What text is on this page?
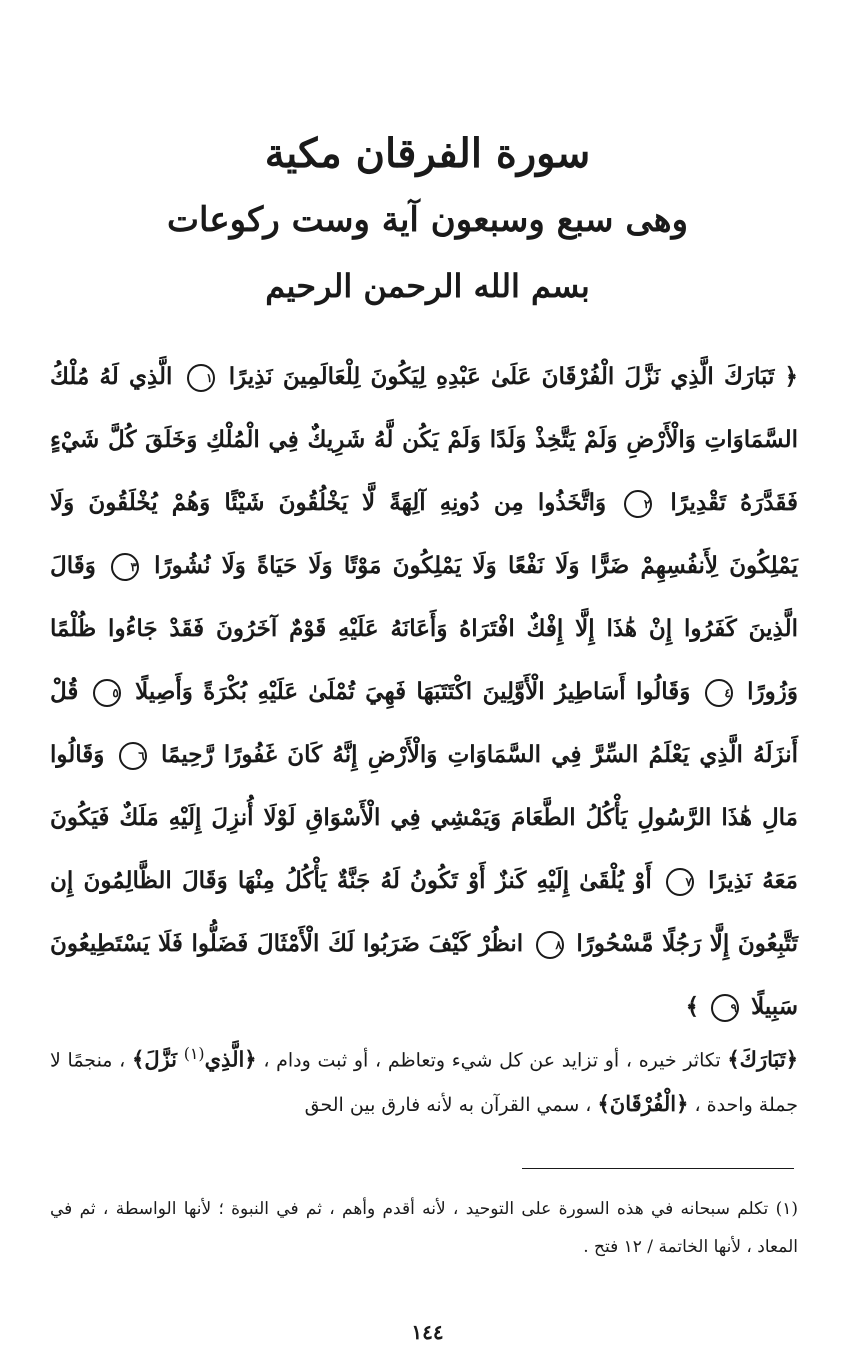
سورة الفرقان مكية
وهى سبع وسبعون آية وست ركوعات
بسم الله الرحمن الرحيم
﴿ تَبَارَكَ الَّذِي نَزَّلَ الْفُرْقَانَ عَلَىٰ عَبْدِهِ لِيَكُونَ لِلْعَالَمِينَ نَذِيرًا ١ الَّذِي لَهُ مُلْكُ السَّمَاوَاتِ وَالْأَرْضِ وَلَمْ يَتَّخِذْ وَلَدًا وَلَمْ يَكُن لَّهُ شَرِيكٌ فِي الْمُلْكِ وَخَلَقَ كُلَّ شَيْءٍ فَقَدَّرَهُ تَقْدِيرًا ٢ وَاتَّخَذُوا مِن دُونِهِ آلِهَةً لَّا يَخْلُقُونَ شَيْئًا وَهُمْ يُخْلَقُونَ وَلَا يَمْلِكُونَ لِأَنفُسِهِمْ ضَرًّا وَلَا نَفْعًا وَلَا يَمْلِكُونَ مَوْتًا وَلَا حَيَاةً وَلَا نُشُورًا ٣ وَقَالَ الَّذِينَ كَفَرُوا إِنْ هَٰذَا إِلَّا إِفْكٌ افْتَرَاهُ وَأَعَانَهُ عَلَيْهِ قَوْمٌ آخَرُونَ فَقَدْ جَاءُوا ظُلْمًا وَزُورًا ٤ وَقَالُوا أَسَاطِيرُ الْأَوَّلِينَ اكْتَتَبَهَا فَهِيَ تُمْلَىٰ عَلَيْهِ بُكْرَةً وَأَصِيلًا ٥ قُلْ أَنزَلَهُ الَّذِي يَعْلَمُ السِّرَّ فِي السَّمَاوَاتِ وَالْأَرْضِ إِنَّهُ كَانَ غَفُورًا رَّحِيمًا ٦ وَقَالُوا مَالِ هَٰذَا الرَّسُولِ يَأْكُلُ الطَّعَامَ وَيَمْشِي فِي الْأَسْوَاقِ لَوْلَا أُنزِلَ إِلَيْهِ مَلَكٌ فَيَكُونَ مَعَهُ نَذِيرًا ٧ أَوْ يُلْقَىٰ إِلَيْهِ كَنزٌ أَوْ تَكُونُ لَهُ جَنَّةٌ يَأْكُلُ مِنْهَا وَقَالَ الظَّالِمُونَ إِن تَتَّبِعُونَ إِلَّا رَجُلًا مَّسْحُورًا ٨ انظُرْ كَيْفَ ضَرَبُوا لَكَ الْأَمْثَالَ فَضَلُّوا فَلَا يَسْتَطِيعُونَ سَبِيلًا ٩ ﴾
﴿تَبَارَكَ﴾ تكاثر خيره ، أو تزايد عن كل شيء وتعاظم ، أو ثبت ودام ، ﴿الَّذِي$^{(١)}$ نَزَّلَ﴾ ، منجمًا لا جملة واحدة ، ﴿الْفُرْقَانَ﴾ ، سمي القرآن به لأنه فارق بين الحق
(١) تكلم سبحانه في هذه السورة على التوحيد ، لأنه أقدم وأهم ، ثم في النبوة ؛ لأنها الواسطة ، ثم في المعاد ، لأنها الخاتمة / ١٢ فتح .
١٤٤
